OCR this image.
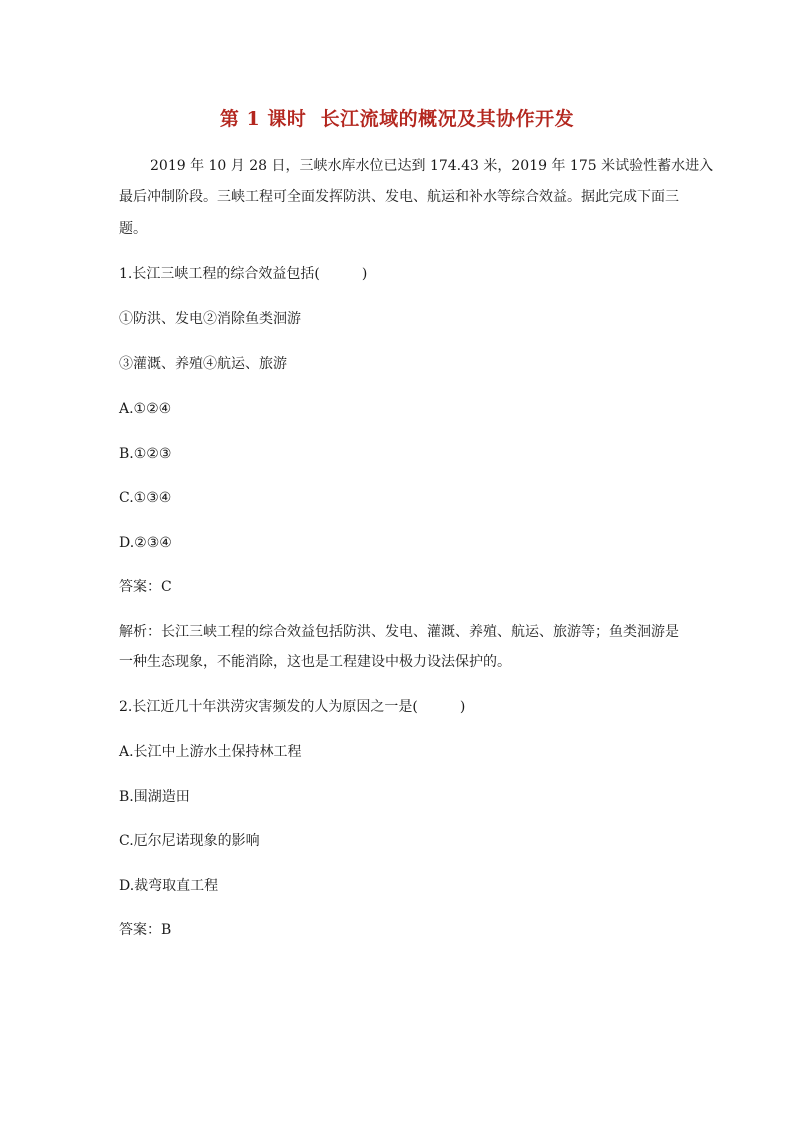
第 1 课时  长江流域的概况及其协作开发
2019 年 10 月 28 日，三峡水库水位已达到 174.43 米，2019 年 175 米试验性蓄水进入
最后冲制阶段。三峡工程可全面发挥防洪、发电、航运和补水等综合效益。据此完成下面三
题。
1.长江三峡工程的综合效益包括(　　　)
①防洪、发电②消除鱼类洄游
③灌溉、养殖④航运、旅游
A.①②④
B.①②③
C.①③④
D.②③④
答案：C
解析：长江三峡工程的综合效益包括防洪、发电、灌溉、养殖、航运、旅游等；鱼类洄游是
一种生态现象，不能消除，这也是工程建设中极力设法保护的。
2.长江近几十年洪涝灾害频发的人为原因之一是(　　　)
A.长江中上游水土保持林工程
B.围湖造田
C.厄尔尼诺现象的影响
D.裁弯取直工程
答案：B
